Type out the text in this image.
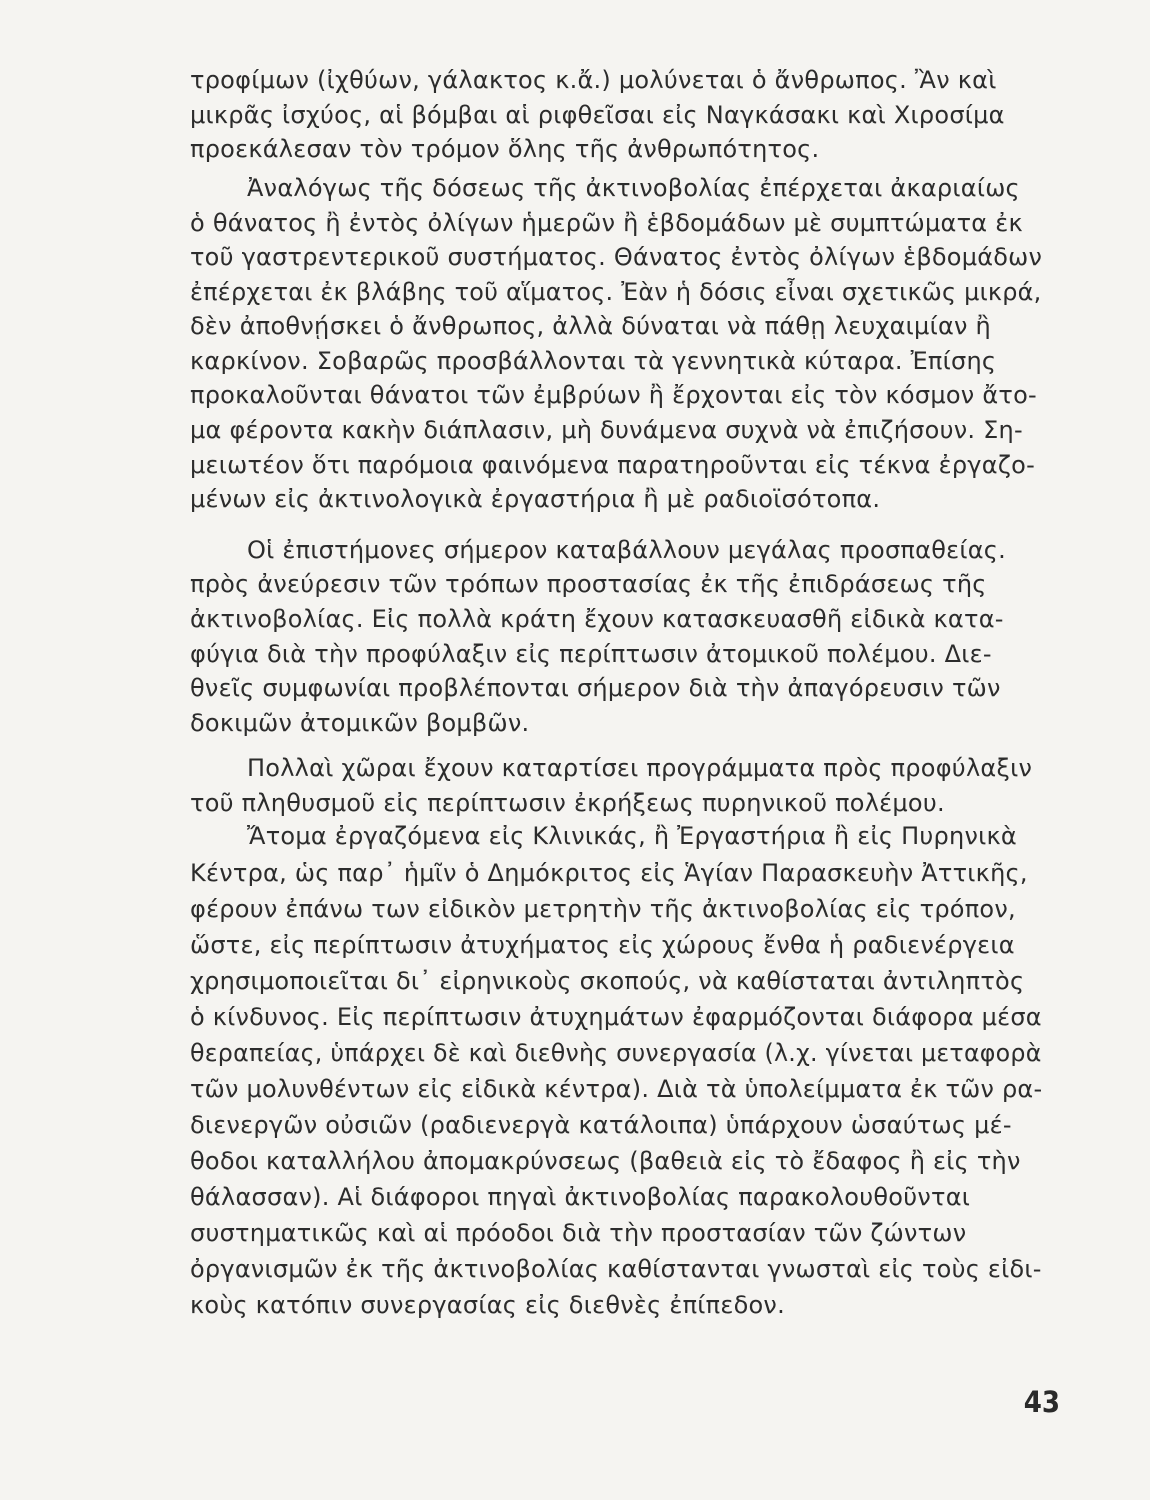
τροφίμων (ἰχθύων, γάλακτος κ.ἄ.) μολύνεται ὁ ἄνθρωπος. Ἂν καὶ
μικρᾶς ἰσχύος, αἱ βόμβαι αἱ ριφθεῖσαι εἰς Ναγκάσακι καὶ Χιροσίμα
προεκάλεσαν τὸν τρόμον ὅλης τῆς ἀνθρωπότητος.
Ἀναλόγως τῆς δόσεως τῆς ἀκτινοβολίας ἐπέρχεται ἀκαριαίως
ὁ θάνατος ἢ ἐντὸς ὀλίγων ἡμερῶν ἢ ἑβδομάδων μὲ συμπτώματα ἐκ
τοῦ γαστρεντερικοῦ συστήματος. Θάνατος ἐντὸς ὀλίγων ἑβδομάδων
ἐπέρχεται ἐκ βλάβης τοῦ αἵματος. Ἐὰν ἡ δόσις εἶναι σχετικῶς μικρά,
δὲν ἀποθνῄσκει ὁ ἄνθρωπος, ἀλλὰ δύναται νὰ πάθῃ λευχαιμίαν ἢ
καρκίνον. Σοβαρῶς προσβάλλονται τὰ γεννητικὰ κύταρα. Ἐπίσης
προκαλοῦνται θάνατοι τῶν ἐμβρύων ἢ ἔρχονται εἰς τὸν κόσμον ἄτο-
μα φέροντα κακὴν διάπλασιν, μὴ δυνάμενα συχνὰ νὰ ἐπιζήσουν. Ση-
μειωτέον ὅτι παρόμοια φαινόμενα παρατηροῦνται εἰς τέκνα ἐργαζο-
μένων εἰς ἀκτινολογικὰ ἐργαστήρια ἢ μὲ ραδιοϊσότοπα.
Οἱ ἐπιστήμονες σήμερον καταβάλλουν μεγάλας προσπαθείας.
πρὸς ἀνεύρεσιν τῶν τρόπων προστασίας ἐκ τῆς ἐπιδράσεως τῆς
ἀκτινοβολίας. Εἰς πολλὰ κράτη ἔχουν κατασκευασθῆ εἰδικὰ κατα-
φύγια διὰ τὴν προφύλαξιν εἰς περίπτωσιν ἀτομικοῦ πολέμου. Διε-
θνεῖς συμφωνίαι προβλέπονται σήμερον διὰ τὴν ἀπαγόρευσιν τῶν
δοκιμῶν ἀτομικῶν βομβῶν.
Πολλαὶ χῶραι ἔχουν καταρτίσει προγράμματα πρὸς προφύλαξιν
τοῦ πληθυσμοῦ εἰς περίπτωσιν ἐκρήξεως πυρηνικοῦ πολέμου.
Ἄτομα ἐργαζόμενα εἰς Κλινικάς, ἢ Ἐργαστήρια ἢ εἰς Πυρηνικὰ
Κέντρα, ὡς παρ᾽ ἡμῖν ὁ Δημόκριτος εἰς Ἁγίαν Παρασκευὴν Ἀττικῆς,
φέρουν ἐπάνω των εἰδικὸν μετρητὴν τῆς ἀκτινοβολίας εἰς τρόπον,
ὥστε, εἰς περίπτωσιν ἀτυχήματος εἰς χώρους ἔνθα ἡ ραδιενέργεια
χρησιμοποιεῖται δι᾽ εἰρηνικοὺς σκοπούς, νὰ καθίσταται ἀντιληπτὸς
ὁ κίνδυνος. Εἰς περίπτωσιν ἀτυχημάτων ἐφαρμόζονται διάφορα μέσα
θεραπείας, ὑπάρχει δὲ καὶ διεθνὴς συνεργασία (λ.χ. γίνεται μεταφορὰ
τῶν μολυνθέντων εἰς εἰδικὰ κέντρα). Διὰ τὰ ὑπολείμματα ἐκ τῶν ρα-
διενεργῶν οὐσιῶν (ραδιενεργὰ κατάλοιπα) ὑπάρχουν ὡσαύτως μέ-
θοδοι καταλλήλου ἀπομακρύνσεως (βαθειὰ εἰς τὸ ἔδαφος ἢ εἰς τὴν
θάλασσαν). Αἱ διάφοροι πηγαὶ ἀκτινοβολίας παρακολουθοῦνται
συστηματικῶς καὶ αἱ πρόοδοι διὰ τὴν προστασίαν τῶν ζώντων
ὀργανισμῶν ἐκ τῆς ἀκτινοβολίας καθίστανται γνωσταὶ εἰς τοὺς εἰδι-
κοὺς κατόπιν συνεργασίας εἰς διεθνὲς ἐπίπεδον.
43
